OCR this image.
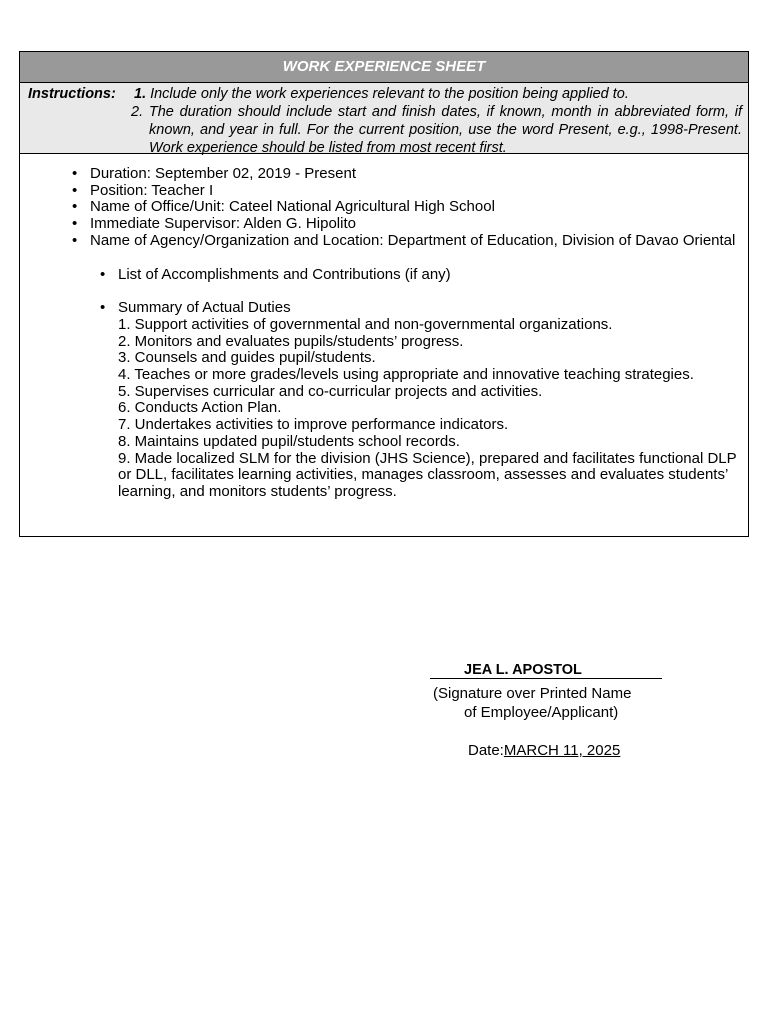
WORK EXPERIENCE SHEET
Instructions:	1. Include only the work experiences relevant to the position being applied to.
2. The duration should include start and finish dates, if known, month in abbreviated form, if known, and year in full. For the current position, use the word Present, e.g., 1998-Present. Work experience should be listed from most recent first.
• Duration: September 02, 2019 - Present
• Position: Teacher I
• Name of Office/Unit: Cateel National Agricultural High School
• Immediate Supervisor: Alden G. Hipolito
• Name of Agency/Organization and Location: Department of Education, Division of Davao Oriental
• List of Accomplishments and Contributions (if any)
• Summary of Actual Duties
1. Support activities of governmental and non-governmental organizations.
2. Monitors and evaluates pupils/students’ progress.
3. Counsels and guides pupil/students.
4. Teaches or more grades/levels using appropriate and innovative teaching strategies.
5. Supervises curricular and co-curricular projects and activities.
6. Conducts Action Plan.
7. Undertakes activities to improve performance indicators.
8. Maintains updated pupil/students school records.
9. Made localized SLM for the division (JHS Science), prepared and facilitates functional DLP or DLL, facilitates learning activities, manages classroom, assesses and evaluates students’ learning, and monitors students’ progress.
JEA L. APOSTOL
(Signature over Printed Name
of Employee/Applicant)
Date:MARCH 11, 2025
